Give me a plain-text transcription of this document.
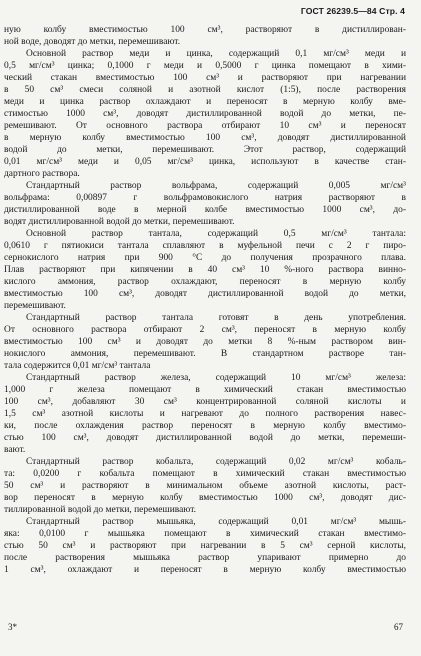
ГОСТ 26239.5—84 Стр. 4
ную колбу вместимостью 100 см³, растворяют в дистиллирован-
ной воде, доводят до метки, перемешивают.
Основной раствор меди и цинка, содержащий 0,1 мг/см³ меди и
0,5 мг/см³ цинка; 0,1000 г меди и 0,5000 г цинка помещают в хими-
ческий стакан вместимостью 100 см³ и растворяют при нагревании
в 50 см³ смеси соляной и азотной кислот (1:5), после растворения
меди и цинка раствор охлаждают и переносят в мерную колбу вме-
стимостью 1000 см³, доводят дистиллированной водой до метки, пе-
ремешивают. От основного раствора отбирают 10 см³ и переносят
в мерную колбу вместимостью 100 см³, доводят дистиллированной
водой до метки, перемешивают. Этот раствор, содержащий
0,01 мг/см³ меди и 0,05 мг/см³ цинка, используют в качестве стан-
дартного раствора.
Стандартный раствор вольфрама, содержащий 0,005 мг/см³
вольфрама: 0,00897 г вольфрамовокислого натрия растворяют в
дистиллированной воде в мерной колбе вместимостью 1000 см³, до-
водят дистиллированной водой до метки, перемешивают.
Основной раствор тантала, содержащий 0,5 мг/см³ тантала:
0,0610 г пятиокиси тантала сплавляют в муфельной печи с 2 г пиро-
сернокислого натрия при 900 °С до получения прозрачного плава.
Плав растворяют при кипячении в 40 см³ 10 %-ного раствора винно-
кислого аммония, раствор охлаждают, переносят в мерную колбу
вместимостью 100 см³, доводят дистиллированной водой до метки,
перемешивают.
Стандартный раствор тантала готовят в день употребления.
От основного раствора отбирают 2 см³, переносят в мерную колбу
вместимостью 100 см³ и доводят до метки 8 %-ным раствором вин-
нокислого аммония, перемешивают. В стандартном растворе тан-
тала содержится 0,01 мг/см³ тантала
Стандартный раствор железа, содержащий 10 мг/см³ железа:
1,000 г железа помещают в химический стакан вместимостью
100 см³, добавляют 30 см³ концентрированной соляной кислоты и
1,5 см³ азотной кислоты и нагревают до полного растворения навес-
ки, после охлаждения раствор переносят в мерную колбу вместимо-
стью 100 см³, доводят дистиллированной водой до метки, перемеши-
вают.
Стандартный раствор кобальта, содержащий 0,02 мг/см³ кобаль-
та: 0,0200 г кобальта помещают в химический стакан вместимостью
50 см³ и растворяют в минимальном объеме азотной кислоты, раст-
вор переносят в мерную колбу вместимостью 1000 см³, доводят дис-
тиллированной водой до метки, перемешивают.
Стандартный раствор мышьяка, содержащий 0,01 мг/см³ мышь-
яка: 0,0100 г мышьяка помещают в химический стакан вместимо-
стью 50 см³ и растворяют при нагревании в 5 см³ серной кислоты,
после растворения мышьяка раствор упаривают примерно до
1 см³, охлаждают и переносят в мерную колбу вместимостью
3*	67
